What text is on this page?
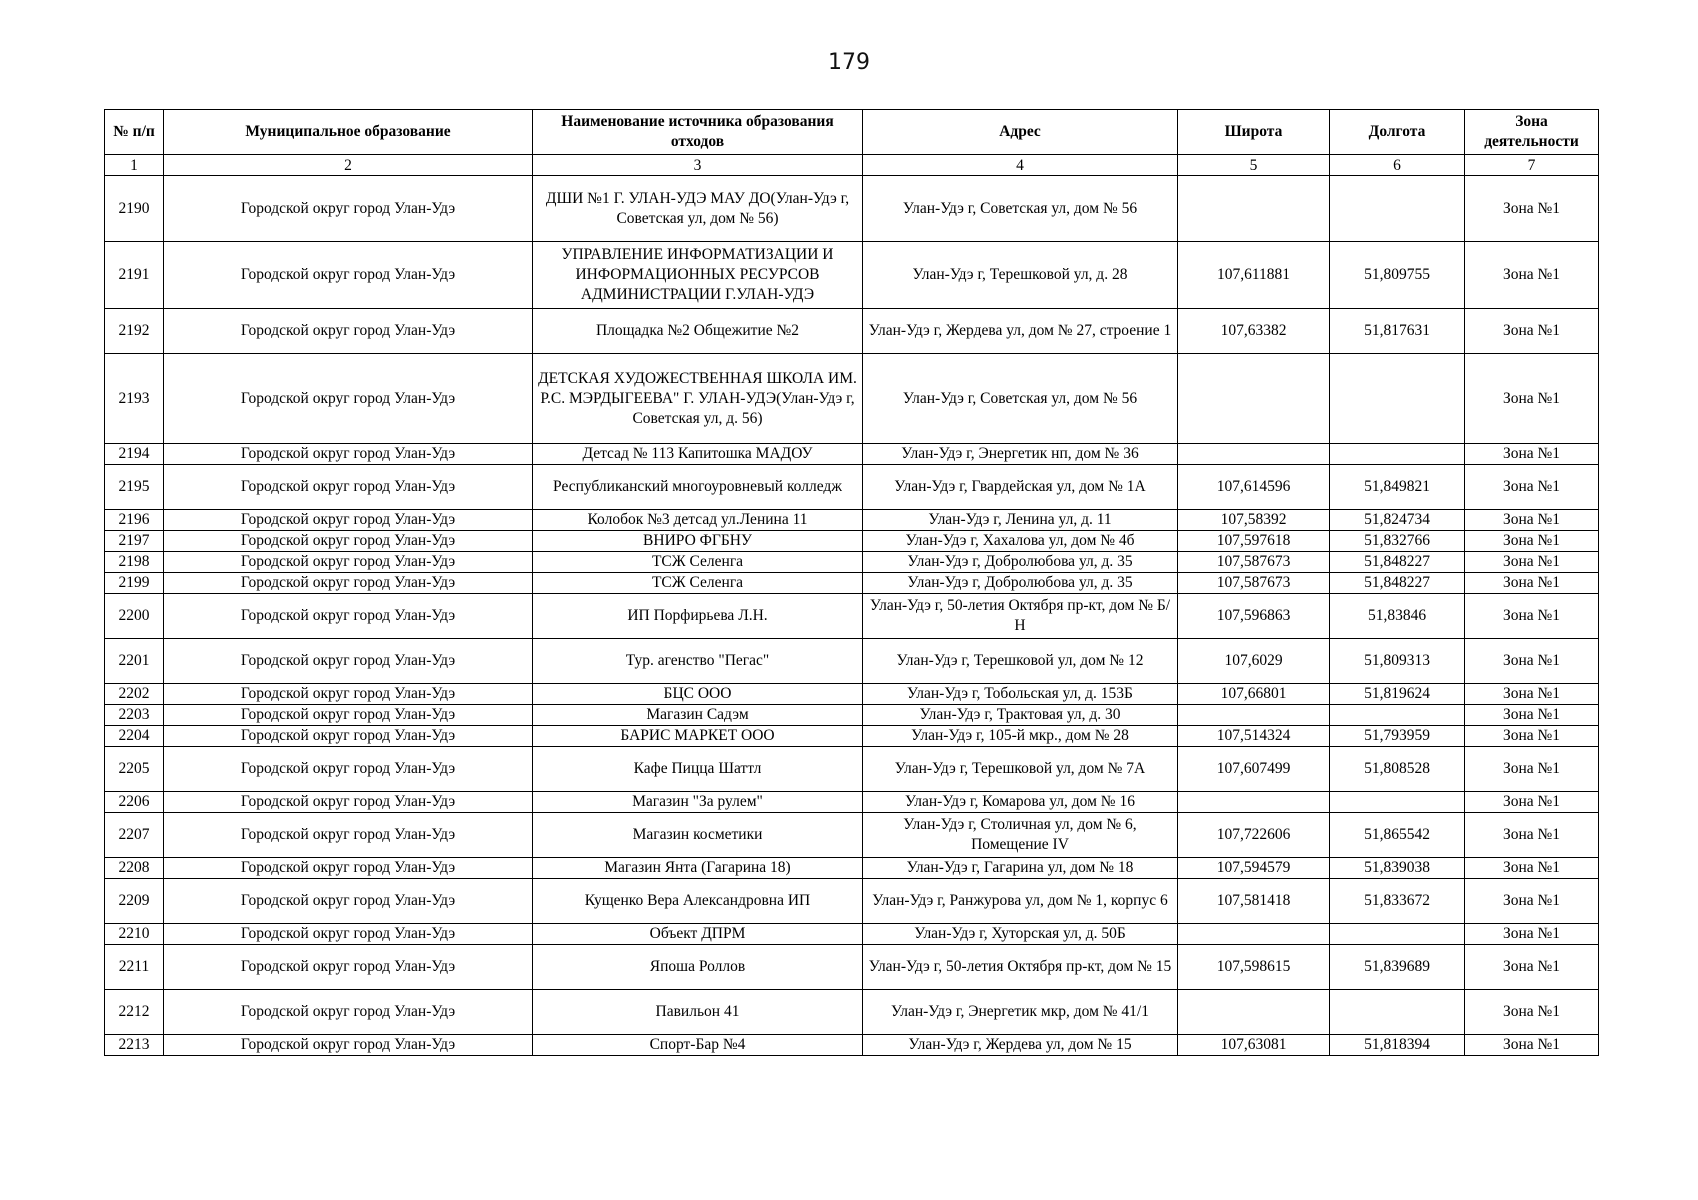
179
№ п/п	Муниципальное образование	Наименование источника образования отходов	Адрес	Широта	Долгота	Зона деятельности
1	2	3	4	5	6	7
2190	Городской округ город Улан-Удэ	ДШИ №1 Г. УЛАН-УДЭ МАУ ДО(Улан-Удэ г, Советская ул, дом № 56)	Улан-Удэ г, Советская ул, дом № 56			Зона №1
2191	Городской округ город Улан-Удэ	УПРАВЛЕНИЕ ИНФОРМАТИЗАЦИИ И ИНФОРМАЦИОННЫХ РЕСУРСОВ АДМИНИСТРАЦИИ Г.УЛАН-УДЭ	Улан-Удэ г, Терешковой ул, д. 28	107,611881	51,809755	Зона №1
2192	Городской округ город Улан-Удэ	Площадка №2 Общежитие №2	Улан-Удэ г, Жердева ул, дом № 27, строение 1	107,63382	51,817631	Зона №1
2193	Городской округ город Улан-Удэ	ДЕТСКАЯ ХУДОЖЕСТВЕННАЯ ШКОЛА ИМ. Р.С. МЭРДЫГЕЕВА" Г. УЛАН-УДЭ(Улан-Удэ г, Советская ул, д. 56)	Улан-Удэ г, Советская ул, дом № 56			Зона №1
2194	Городской округ город Улан-Удэ	Детсад № 113 Капитошка МАДОУ	Улан-Удэ г, Энергетик нп, дом № 36			Зона №1
2195	Городской округ город Улан-Удэ	Республиканский многоуровневый колледж	Улан-Удэ г, Гвардейская ул, дом № 1А	107,614596	51,849821	Зона №1
2196	Городской округ город Улан-Удэ	Колобок №3 детсад ул.Ленина 11	Улан-Удэ г, Ленина ул, д. 11	107,58392	51,824734	Зона №1
2197	Городской округ город Улан-Удэ	ВНИРО ФГБНУ	Улан-Удэ г, Хахалова ул, дом № 4б	107,597618	51,832766	Зона №1
2198	Городской округ город Улан-Удэ	ТСЖ Селенга	Улан-Удэ г, Добролюбова ул, д. 35	107,587673	51,848227	Зона №1
2199	Городской округ город Улан-Удэ	ТСЖ Селенга	Улан-Удэ г, Добролюбова ул, д. 35	107,587673	51,848227	Зона №1
2200	Городской округ город Улан-Удэ	ИП Порфирьева Л.Н.	Улан-Удэ г, 50-летия Октября пр-кт, дом № Б/Н	107,596863	51,83846	Зона №1
2201	Городской округ город Улан-Удэ	Тур. агенство "Пегас"	Улан-Удэ г, Терешковой ул, дом № 12	107,6029	51,809313	Зона №1
2202	Городской округ город Улан-Удэ	БЦС ООО	Улан-Удэ г, Тобольская ул, д. 153Б	107,66801	51,819624	Зона №1
2203	Городской округ город Улан-Удэ	Магазин Садэм	Улан-Удэ г, Трактовая ул, д. 30			Зона №1
2204	Городской округ город Улан-Удэ	БАРИС МАРКЕТ ООО	Улан-Удэ г, 105-й мкр., дом № 28	107,514324	51,793959	Зона №1
2205	Городской округ город Улан-Удэ	Кафе Пицца Шаттл	Улан-Удэ г, Терешковой ул, дом № 7А	107,607499	51,808528	Зона №1
2206	Городской округ город Улан-Удэ	Магазин "За рулем"	Улан-Удэ г, Комарова ул, дом № 16			Зона №1
2207	Городской округ город Улан-Удэ	Магазин косметики	Улан-Удэ г, Столичная ул, дом № 6, Помещение IV	107,722606	51,865542	Зона №1
2208	Городской округ город Улан-Удэ	Магазин Янта (Гагарина 18)	Улан-Удэ г, Гагарина ул, дом № 18	107,594579	51,839038	Зона №1
2209	Городской округ город Улан-Удэ	Кущенко Вера Александровна ИП	Улан-Удэ г, Ранжурова ул, дом № 1, корпус 6	107,581418	51,833672	Зона №1
2210	Городской округ город Улан-Удэ	Объект ДПРМ	Улан-Удэ г, Хуторская ул, д. 50Б			Зона №1
2211	Городской округ город Улан-Удэ	Япоша Роллов	Улан-Удэ г, 50-летия Октября пр-кт, дом № 15	107,598615	51,839689	Зона №1
2212	Городской округ город Улан-Удэ	Павильон 41	Улан-Удэ г, Энергетик мкр, дом № 41/1			Зона №1
2213	Городской округ город Улан-Удэ	Спорт-Бар №4	Улан-Удэ г, Жердева ул, дом № 15	107,63081	51,818394	Зона №1
